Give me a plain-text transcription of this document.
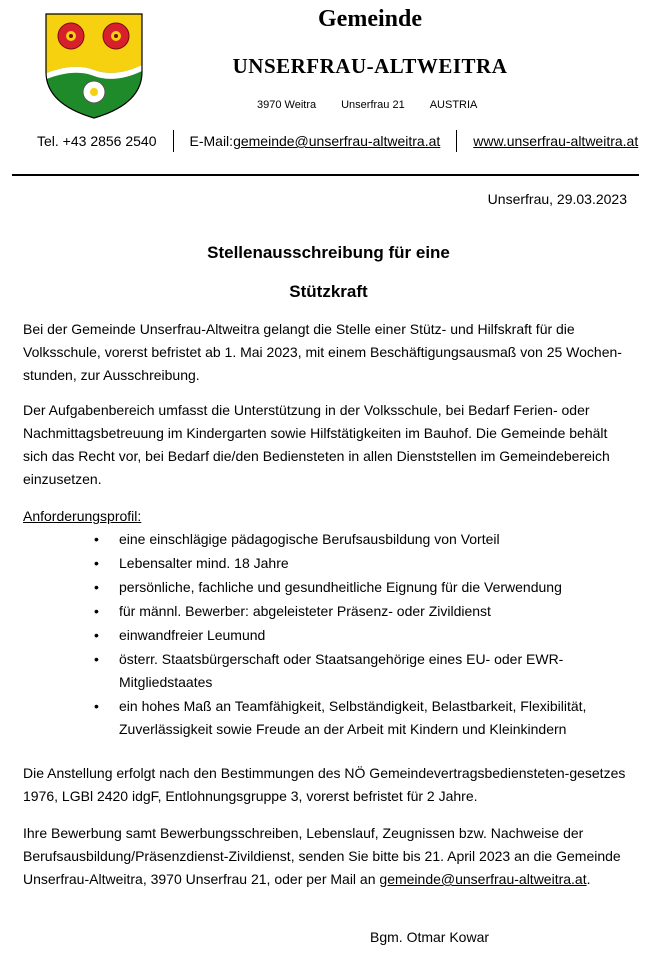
Gemeinde
UNSERFRAU-ALTWEITRA
3970 Weitra Unserfrau 21 AUSTRIA
Tel. +43 2856 2540 E-Mail: gemeinde@unserfrau-altweitra.at www.unserfrau-altweitra.at
Unserfrau, 29.03.2023
Stellenausschreibung für eine
Stützkraft
Bei der Gemeinde Unserfrau-Altweitra gelangt die Stelle einer Stütz- und Hilfskraft für die Volksschule, vorerst befristet ab 1. Mai 2023, mit einem Beschäftigungsausmaß von 25 Wochen-stunden, zur Ausschreibung.
Der Aufgabenbereich umfasst die Unterstützung in der Volksschule, bei Bedarf Ferien- oder Nachmittagsbetreuung im Kindergarten sowie Hilfstätigkeiten im Bauhof. Die Gemeinde behält sich das Recht vor, bei Bedarf die/den Bediensteten in allen Dienststellen im Gemeindebereich einzusetzen.
Anforderungsprofil:
• eine einschlägige pädagogische Berufsausbildung von Vorteil
• Lebensalter mind. 18 Jahre
• persönliche, fachliche und gesundheitliche Eignung für die Verwendung
• für männl. Bewerber: abgeleisteter Präsenz- oder Zivildienst
• einwandfreier Leumund
• österr. Staatsbürgerschaft oder Staatsangehörige eines EU- oder EWR-Mitgliedstaates
• ein hohes Maß an Teamfähigkeit, Selbständigkeit, Belastbarkeit, Flexibilität, Zuverlässigkeit sowie Freude an der Arbeit mit Kindern und Kleinkindern
Die Anstellung erfolgt nach den Bestimmungen des NÖ Gemeindevertragsbediensteten-gesetzes 1976, LGBl 2420 idgF, Entlohnungsgruppe 3, vorerst befristet für 2 Jahre.
Ihre Bewerbung samt Bewerbungsschreiben, Lebenslauf, Zeugnissen bzw. Nachweise der Berufsausbildung/Präsenzdienst-Zivildienst, senden Sie bitte bis 21. April 2023 an die Gemeinde Unserfrau-Altweitra, 3970 Unserfrau 21, oder per Mail an gemeinde@unserfrau-altweitra.at.
Bgm. Otmar Kowar
